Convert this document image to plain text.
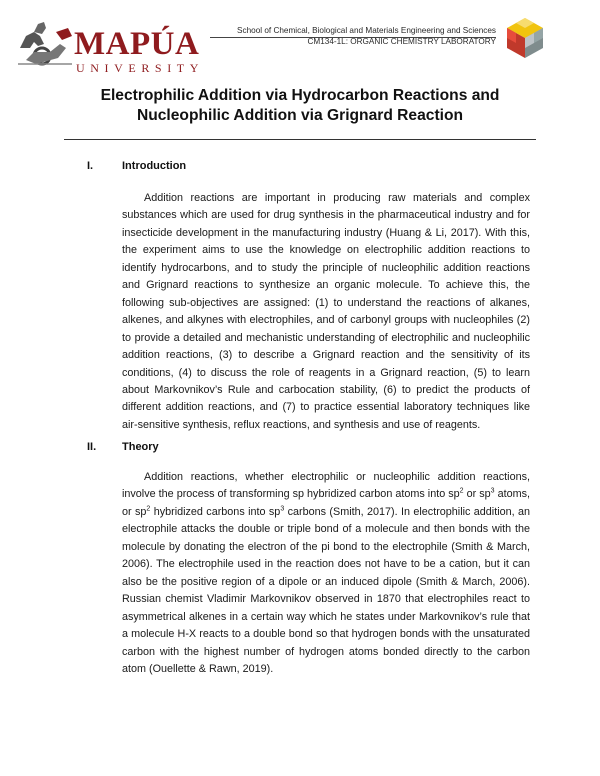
MAPÚA
UNIVERSITY
School of Chemical, Biological and Materials Engineering and Sciences
CM134-1L: ORGANIC CHEMISTRY LABORATORY
Electrophilic Addition via Hydrocarbon Reactions and
Nucleophilic Addition via Grignard Reaction
I.	Introduction

Addition reactions are important in producing raw materials and complex substances which are used for drug synthesis in the pharmaceutical industry and for insecticide development in the manufacturing industry (Huang & Li, 2017). With this, the experiment aims to use the knowledge on electrophilic addition reactions to identify hydrocarbons, and to study the principle of nucleophilic addition reactions and Grignard reactions to synthesize an organic molecule. To achieve this, the following sub-objectives are assigned: (1) to understand the reactions of alkanes, alkenes, and alkynes with electrophiles, and of carbonyl groups with nucleophiles (2) to provide a detailed and mechanistic understanding of electrophilic and nucleophilic addition reactions, (3) to describe a Grignard reaction and the sensitivity of its conditions, (4) to discuss the role of reagents in a Grignard reaction, (5) to learn about Markovnikov’s Rule and carbocation stability, (6) to predict the products of different addition reactions, and (7) to practice essential laboratory techniques like air-sensitive synthesis, reflux reactions, and synthesis and use of reagents.

II. Theory

Addition reactions, whether electrophilic or nucleophilic addition reactions, involve the process of transforming sp hybridized carbon atoms into $sp^2$ or $sp^3$ atoms, or $sp^2$ hybridized carbons into $sp^3$ carbons (Smith, 2017). In electrophilic addition, an electrophile attacks the double or triple bond of a molecule and then bonds with the molecule by donating the electron of the pi bond to the electrophile (Smith & March, 2006). The electrophile used in the reaction does not have to be a cation, but it can also be the positive region of a dipole or an induced dipole (Smith & March, 2006). Russian chemist Vladimir Markovnikov observed in 1870 that electrophiles react to asymmetrical alkenes in a certain way which he states under Markovnikov’s rule that a molecule H-X reacts to a double bond so that hydrogen bonds with the unsaturated carbon with the highest number of hydrogen atoms bonded directly to the carbon atom (Ouellette & Rawn, 2019).
